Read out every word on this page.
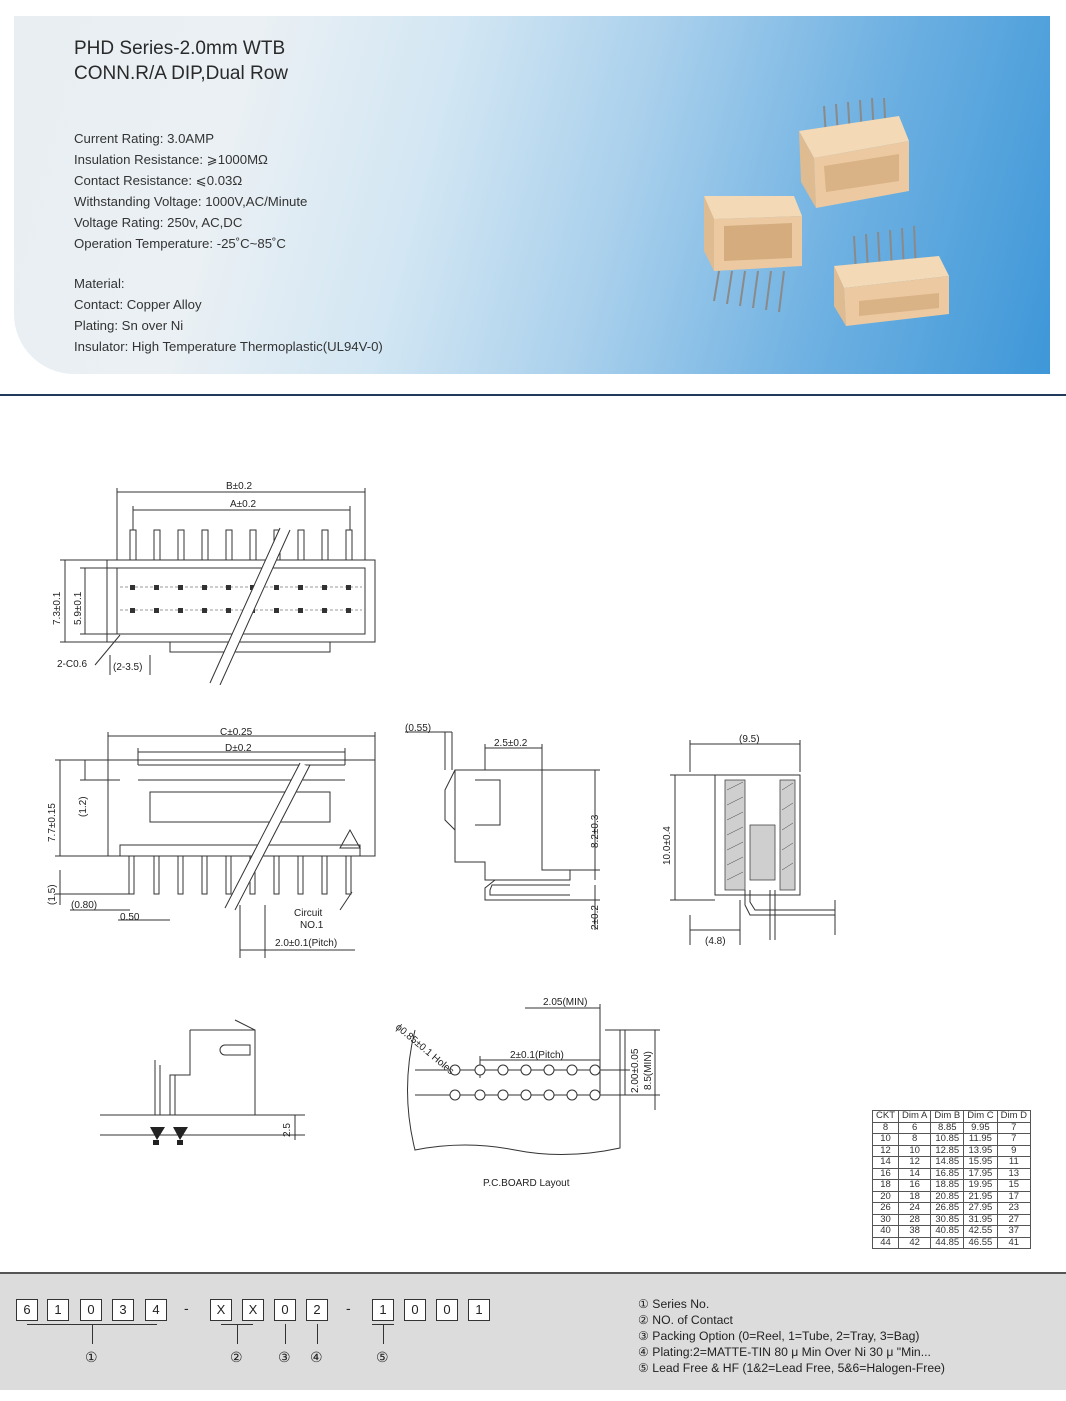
PHD Series-2.0mm WTB
CONN.R/A DIP,Dual Row
Current Rating: 3.0AMP
Insulation Resistance: ⩾1000MΩ
Contact Resistance: ⩽0.03Ω
Withstanding Voltage: 1000V,AC/Minute
Voltage Rating: 250v, AC,DC
Operation Temperature: -25˚C~85˚C
Material:
Contact: Copper Alloy
Plating: Sn over Ni
Insulator: High Temperature Thermoplastic(UL94V-0)
B±0.2
A±0.2
7.3±0.1 5.9±0.1
2-C0.6	(2-3.5)
C±0.25
D±0.2
7.7±0.15 (1.2)
(1.5)
(0.80)
0.50	Circuit
NO.1
2.0±0.1(Pitch)
(0.55)
2.5±0.2
8.2±0.3
2±0.2
(9.5)
10.0±0.4
(4.8)
2.5
ϕ0.85±0.1 Holes
2.05(MIN)
2±0.1(Pitch)	2.00±0.05 8.5(MIN)
P.C.BOARD Layout
CKT	Dim A	Dim B	Dim C	Dim D
8	6	8.85	9.95	7
10	8	10.85	11.95	7
12	10	12.85	13.95	9
14	12	14.85	15.95	11
16	14	16.85	17.95	13
18	16	18.85	19.95	15
20	18	20.85	21.95	17
26	24	26.85	27.95	23
30	28	30.85	31.95	27
40	38	40.85	42.55	37
44	42	44.85	46.55	41
6	1	0	3	4	-	X	X	0	2	-	1	0	0	1
①	②	③ ④	⑤
① Series No.
② NO. of Contact
③ Packing Option (0=Reel, 1=Tube, 2=Tray, 3=Bag)
④ Plating:2=MATTE-TIN 80 μ Min Over Ni 30 μ "Min...
⑤ Lead Free & HF (1&2=Lead Free, 5&6=Halogen-Free)
